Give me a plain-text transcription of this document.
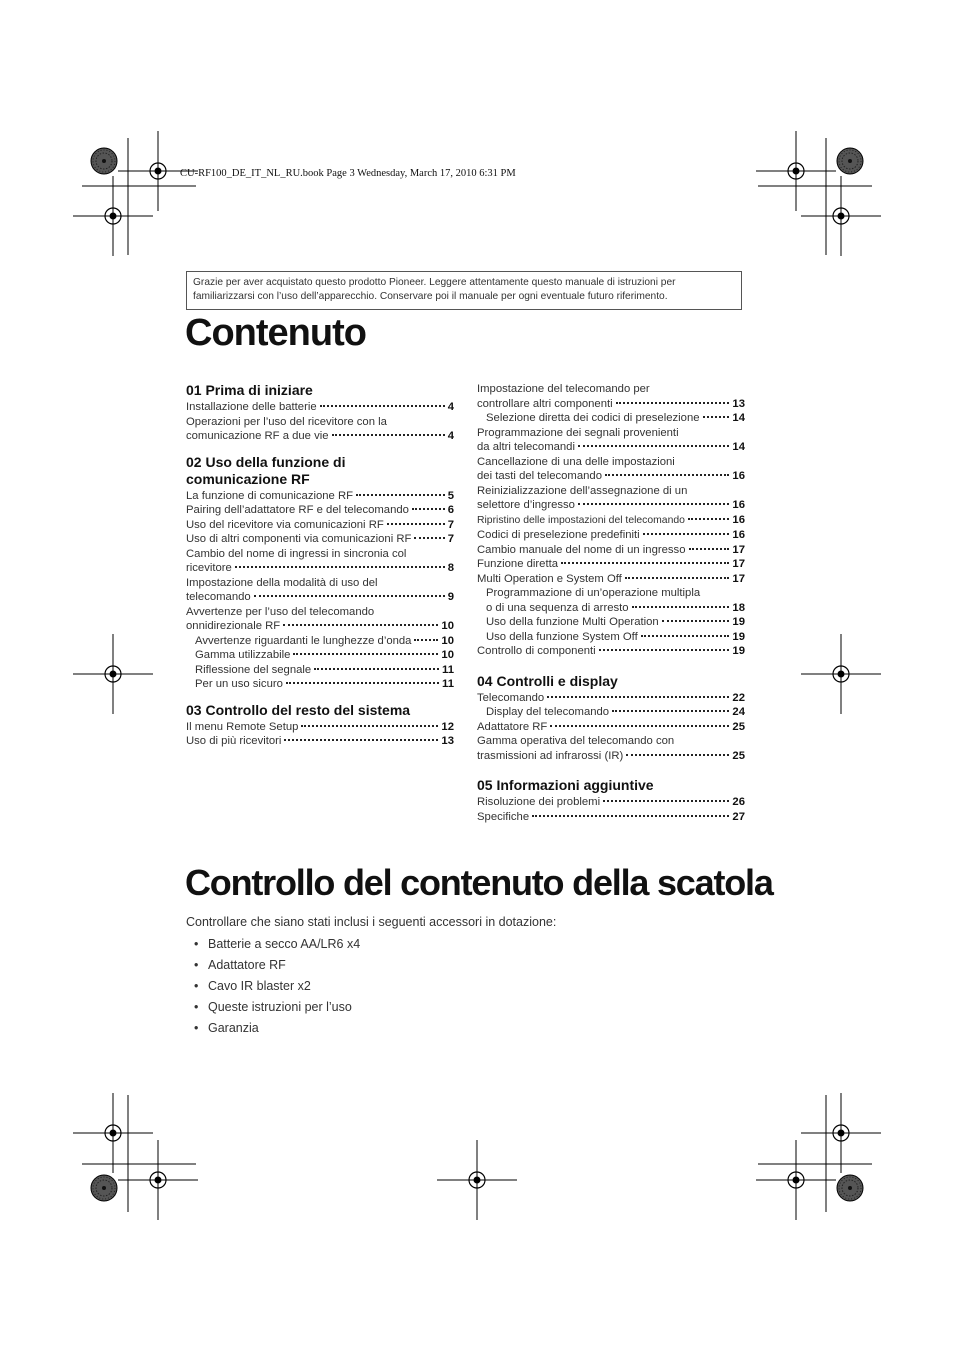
CU-RF100_DE_IT_NL_RU.book Page 3 Wednesday, March 17, 2010 6:31 PM
Grazie per aver acquistato questo prodotto Pioneer. Leggere attentamente questo manuale di istruzioni per familiarizzarsi con l’uso dell’apparecchio. Conservare poi il manuale per ogni eventuale futuro riferimento.
Contenuto
01 Prima di iniziare
Installazione delle batterie	4
Operazioni per l’uso del ricevitore con la
comunicazione RF a due vie	4
02 Uso della funzione di
comunicazione RF
La funzione di comunicazione RF	5
Pairing dell’adattatore RF e del telecomando	6
Uso del ricevitore via comunicazioni RF	7
Uso di altri componenti via comunicazioni RF	7
Cambio del nome di ingressi in sincronia col
ricevitore	8
Impostazione della modalità di uso del
telecomando	9
Avvertenze per l’uso del telecomando
onnidirezionale RF	10
Avvertenze riguardanti le lunghezze d’onda	10
Gamma utilizzabile	10
Riflessione del segnale	11
Per un uso sicuro	11
03 Controllo del resto del sistema
Il menu Remote Setup	12
Uso di più ricevitori	13
Impostazione del telecomando per
controllare altri componenti	13
Selezione diretta dei codici di preselezione	14
Programmazione dei segnali provenienti
da altri telecomandi	14
Cancellazione di una delle impostazioni
dei tasti del telecomando	16
Reinizializzazione dell’assegnazione di un
selettore d’ingresso	16
Ripristino delle impostazioni del telecomando	16
Codici di preselezione predefiniti	16
Cambio manuale del nome di un ingresso	17
Funzione diretta	17
Multi Operation e System Off	17
Programmazione di un’operazione multipla
o di una sequenza di arresto	18
Uso della funzione Multi Operation	19
Uso della funzione System Off	19
Controllo di componenti	19
04 Controlli e display
Telecomando	22
Display del telecomando	24
Adattatore RF	25
Gamma operativa del telecomando con
trasmissioni ad infrarossi (IR)	25
05 Informazioni aggiuntive
Risoluzione dei problemi	26
Specifiche	27
Controllo del contenuto della scatola
Controllare che siano stati inclusi i seguenti accessori in dotazione:
• Batterie a secco AA/LR6 x4
• Adattatore RF
• Cavo IR blaster x2
• Queste istruzioni per l’uso
• Garanzia
